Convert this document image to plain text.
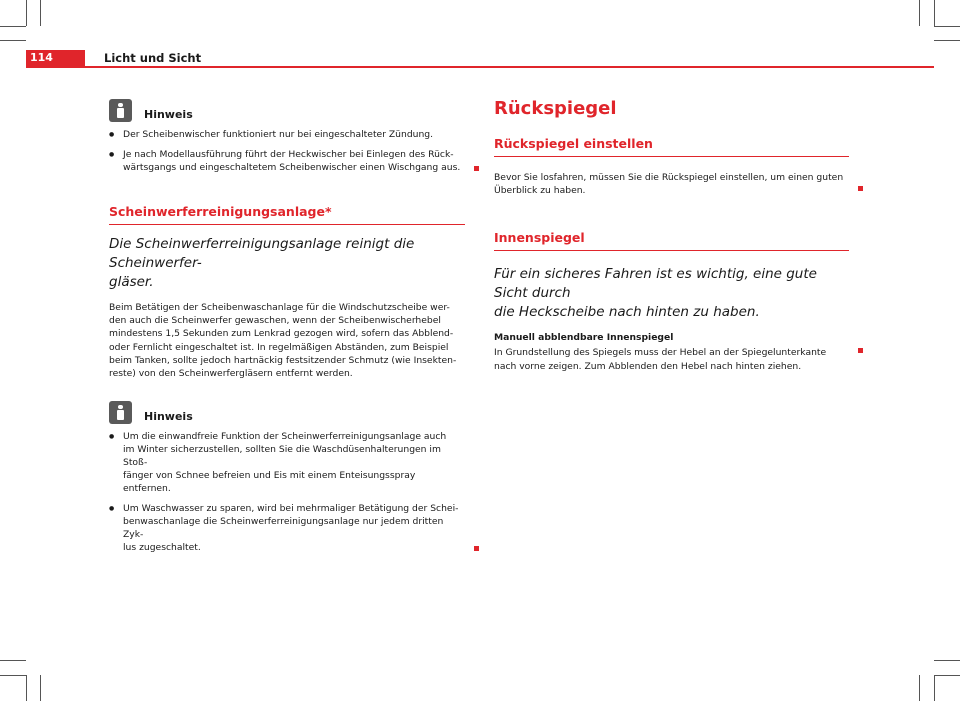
114	Licht und Sicht
Hinweis
● Der Scheibenwischer funktioniert nur bei eingeschalteter Zündung.
● Je nach Modellausführung führt der Heckwischer bei Einlegen des Rück-
wärtsgangs und eingeschaltetem Scheibenwischer einen Wischgang aus.
Scheinwerferreinigungsanlage*
Die Scheinwerferreinigungsanlage reinigt die Scheinwerfer-
gläser.
Beim Betätigen der Scheibenwaschanlage für die Windschutzscheibe wer-
den auch die Scheinwerfer gewaschen, wenn der Scheibenwischerhebel
mindestens 1,5 Sekunden zum Lenkrad gezogen wird, sofern das Abblend-
oder Fernlicht eingeschaltet ist. In regelmäßigen Abständen, zum Beispiel
beim Tanken, sollte jedoch hartnäckig festsitzender Schmutz (wie Insekten-
reste) von den Scheinwerfergläsern entfernt werden.
Hinweis
● Um die einwandfreie Funktion der Scheinwerferreinigungsanlage auch
im Winter sicherzustellen, sollten Sie die Waschdüsenhalterungen im Stoß-
fänger von Schnee befreien und Eis mit einem Enteisungsspray entfernen.
● Um Waschwasser zu sparen, wird bei mehrmaliger Betätigung der Schei-
benwaschanlage die Scheinwerferreinigungsanlage nur jedem dritten Zyk-
lus zugeschaltet.
Rückspiegel
Rückspiegel einstellen
Bevor Sie losfahren, müssen Sie die Rückspiegel einstellen, um einen guten
Überblick zu haben.
Innenspiegel
Für ein sicheres Fahren ist es wichtig, eine gute Sicht durch
die Heckscheibe nach hinten zu haben.
Manuell abblendbare Innenspiegel
In Grundstellung des Spiegels muss der Hebel an der Spiegelunterkante
nach vorne zeigen. Zum Abblenden den Hebel nach hinten ziehen.
